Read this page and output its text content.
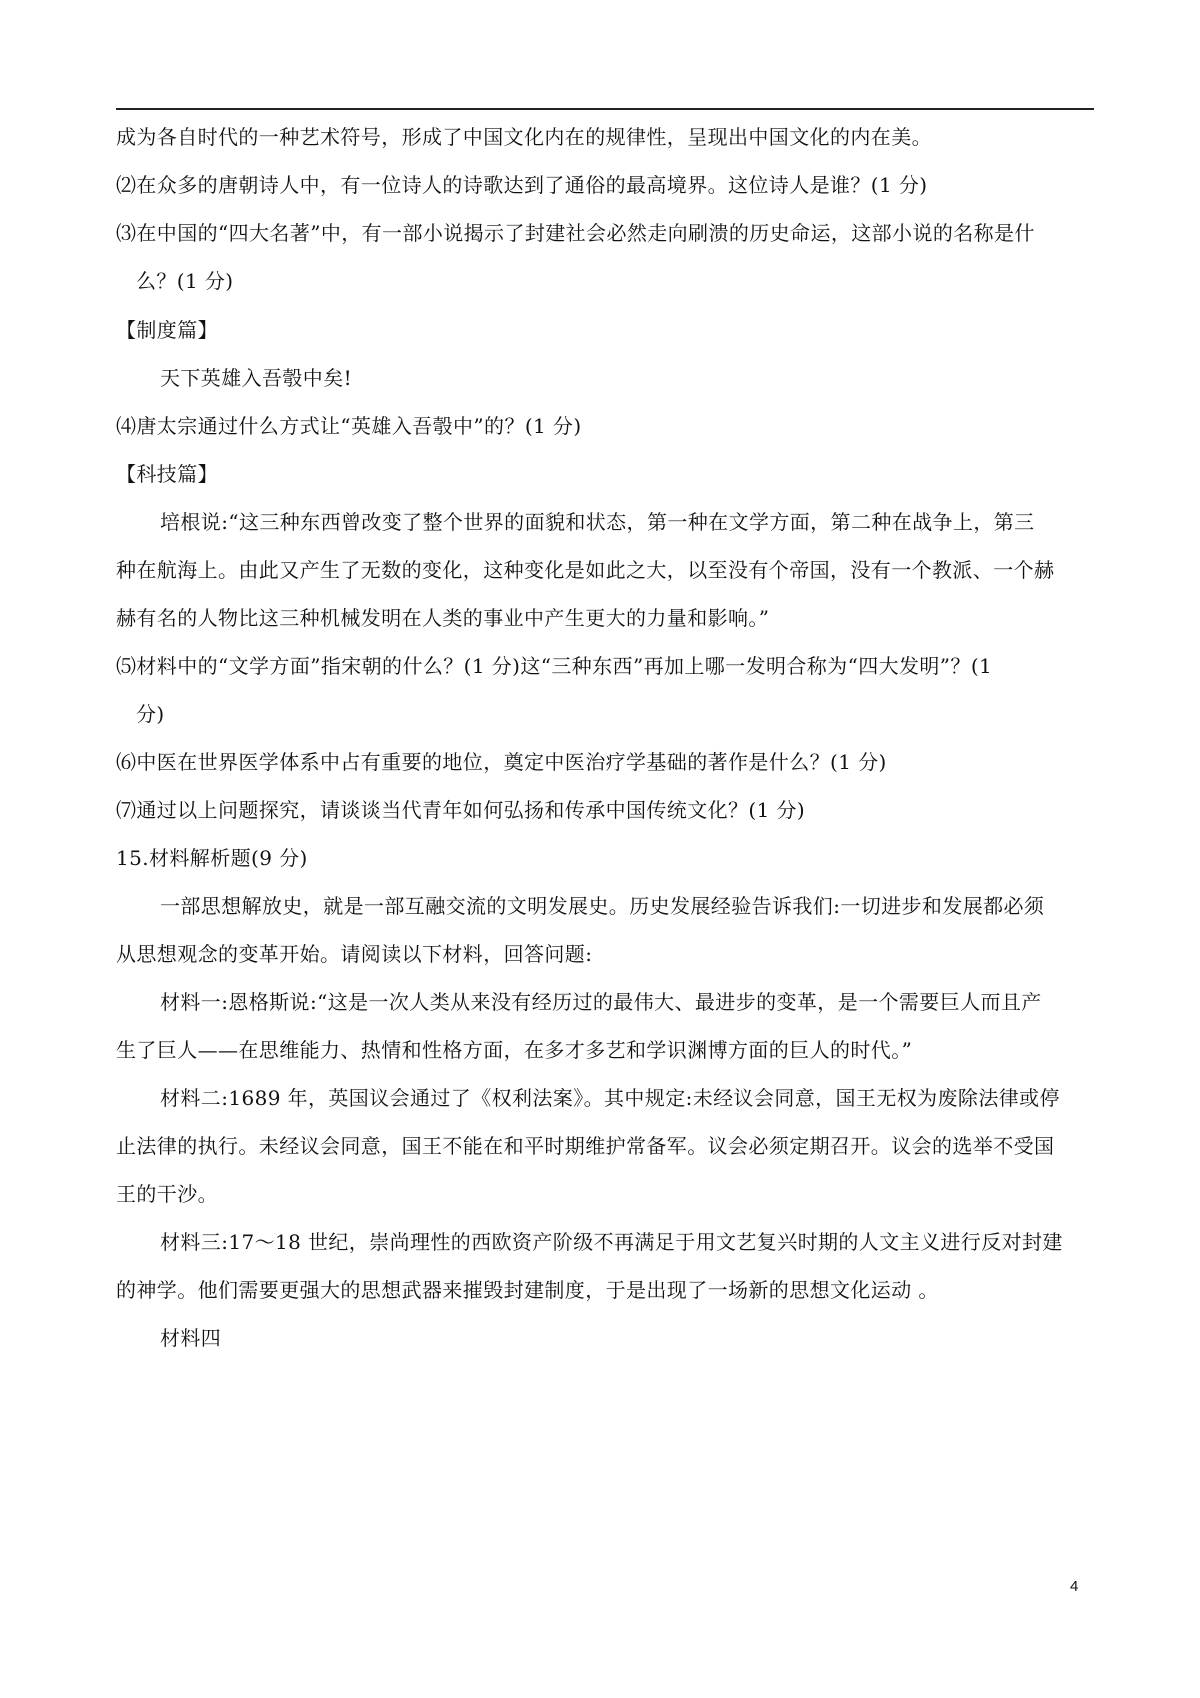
成为各自时代的一种艺术符号，形成了中国文化内在的规律性，呈现出中国文化的内在美。
⑵在众多的唐朝诗人中，有一位诗人的诗歌达到了通俗的最高境界。这位诗人是谁？(1 分)
⑶在中国的“四大名著”中，有一部小说揭示了封建社会必然走向刷溃的历史命运，这部小说的名称是什
么？(1 分)
【制度篇】
天下英雄入吾彀中矣!
⑷唐太宗通过什么方式让“英雄入吾彀中”的？(1 分)
【科技篇】
培根说:“这三种东西曾改变了整个世界的面貌和状态，第一种在文学方面，第二种在战争上，第三
种在航海上。由此又产生了无数的变化，这种变化是如此之大，以至没有个帝国，没有一个教派、一个赫
赫有名的人物比这三种机械发明在人类的事业中产生更大的力量和影响。”
⑸材料中的“文学方面”指宋朝的什么？(1 分)这“三种东西”再加上哪一发明合称为“四大发明”？(1
分)
⑹中医在世界医学体系中占有重要的地位，奠定中医治疗学基础的著作是什么？(1 分)
⑺通过以上问题探究，请谈谈当代青年如何弘扬和传承中国传统文化？(1 分)
15.材料解析题(9 分)
一部思想解放史，就是一部互融交流的文明发展史。历史发展经验告诉我们:一切进步和发展都必须
从思想观念的变革开始。请阅读以下材料，回答问题:
材料一:恩格斯说:“这是一次人类从来没有经历过的最伟大、最进步的变革，是一个需要巨人而且产
生了巨人——在思维能力、热情和性格方面，在多才多艺和学识渊博方面的巨人的时代。”
材料二:1689 年，英国议会通过了《权利法案》。其中规定:未经议会同意，国王无权为废除法律或停
止法律的执行。未经议会同意，国王不能在和平时期维护常备军。议会必须定期召开。议会的选举不受国
王的干沙。
材料三:17～18 世纪，崇尚理性的西欧资产阶级不再满足于用文艺复兴时期的人文主义进行反对封建
的神学。他们需要更强大的思想武器来摧毁封建制度，于是出现了一场新的思想文化运动 。
材料四
4
